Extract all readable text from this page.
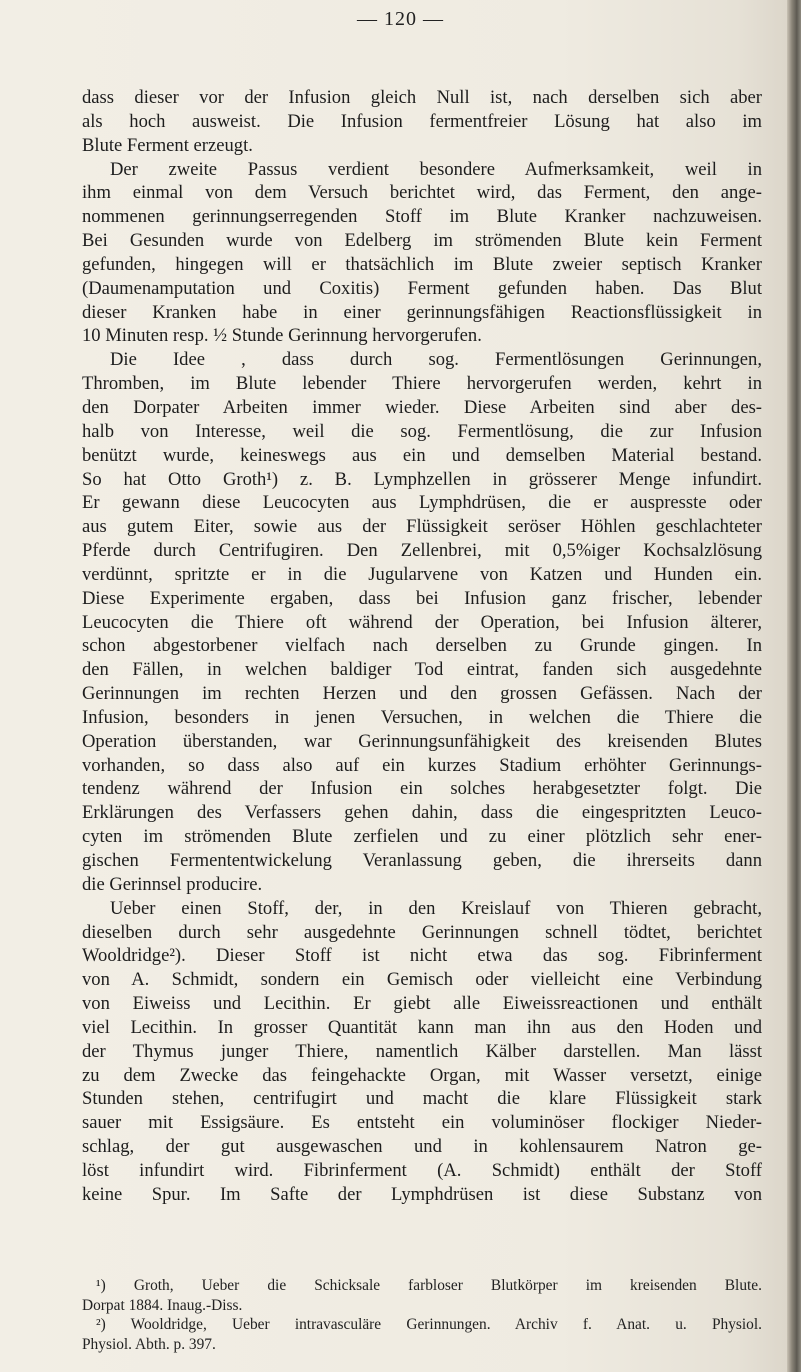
— 120 —
dass dieser vor der Infusion gleich Null ist, nach derselben sich aber
als hoch ausweist. Die Infusion fermentfreier Lösung hat also im
Blute Ferment erzeugt.
Der zweite Passus verdient besondere Aufmerksamkeit, weil in
ihm einmal von dem Versuch berichtet wird, das Ferment, den ange-
nommenen gerinnungserregenden Stoff im Blute Kranker nachzuweisen.
Bei Gesunden wurde von Edelberg im strömenden Blute kein Ferment
gefunden, hingegen will er thatsächlich im Blute zweier septisch Kranker
(Daumenamputation und Coxitis) Ferment gefunden haben. Das Blut
dieser Kranken habe in einer gerinnungsfähigen Reactionsflüssigkeit in
10 Minuten resp. ½ Stunde Gerinnung hervorgerufen.
Die Idee , dass durch sog. Fermentlösungen Gerinnungen,
Thromben, im Blute lebender Thiere hervorgerufen werden, kehrt in
den Dorpater Arbeiten immer wieder. Diese Arbeiten sind aber des-
halb von Interesse, weil die sog. Fermentlösung, die zur Infusion
benützt wurde, keineswegs aus ein und demselben Material bestand.
So hat Otto Groth¹) z. B. Lymphzellen in grösserer Menge infundirt.
Er gewann diese Leucocyten aus Lymphdrüsen, die er auspresste oder
aus gutem Eiter, sowie aus der Flüssigkeit seröser Höhlen geschlachteter
Pferde durch Centrifugiren. Den Zellenbrei, mit 0,5%iger Kochsalzlösung
verdünnt, spritzte er in die Jugularvene von Katzen und Hunden ein.
Diese Experimente ergaben, dass bei Infusion ganz frischer, lebender
Leucocyten die Thiere oft während der Operation, bei Infusion älterer,
schon abgestorbener vielfach nach derselben zu Grunde gingen. In
den Fällen, in welchen baldiger Tod eintrat, fanden sich ausgedehnte
Gerinnungen im rechten Herzen und den grossen Gefässen. Nach der
Infusion, besonders in jenen Versuchen, in welchen die Thiere die
Operation überstanden, war Gerinnungsunfähigkeit des kreisenden Blutes
vorhanden, so dass also auf ein kurzes Stadium erhöhter Gerinnungs-
tendenz während der Infusion ein solches herabgesetzter folgt. Die
Erklärungen des Verfassers gehen dahin, dass die eingespritzten Leuco-
cyten im strömenden Blute zerfielen und zu einer plötzlich sehr ener-
gischen Fermententwickelung Veranlassung geben, die ihrerseits dann
die Gerinnsel producire.
Ueber einen Stoff, der, in den Kreislauf von Thieren gebracht,
dieselben durch sehr ausgedehnte Gerinnungen schnell tödtet, berichtet
Wooldridge²). Dieser Stoff ist nicht etwa das sog. Fibrinferment
von A. Schmidt, sondern ein Gemisch oder vielleicht eine Verbindung
von Eiweiss und Lecithin. Er giebt alle Eiweissreactionen und enthält
viel Lecithin. In grosser Quantität kann man ihn aus den Hoden und
der Thymus junger Thiere, namentlich Kälber darstellen. Man lässt
zu dem Zwecke das feingehackte Organ, mit Wasser versetzt, einige
Stunden stehen, centrifugirt und macht die klare Flüssigkeit stark
sauer mit Essigsäure. Es entsteht ein voluminöser flockiger Nieder-
schlag, der gut ausgewaschen und in kohlensaurem Natron ge-
löst infundirt wird. Fibrinferment (A. Schmidt) enthält der Stoff
keine Spur. Im Safte der Lymphdrüsen ist diese Substanz von
¹) Groth, Ueber die Schicksale farbloser Blutkörper im kreisenden Blute.
Dorpat 1884. Inaug.-Diss.
²) Wooldridge, Ueber intravasculäre Gerinnungen. Archiv f. Anat. u. Physiol.
Physiol. Abth. p. 397.
